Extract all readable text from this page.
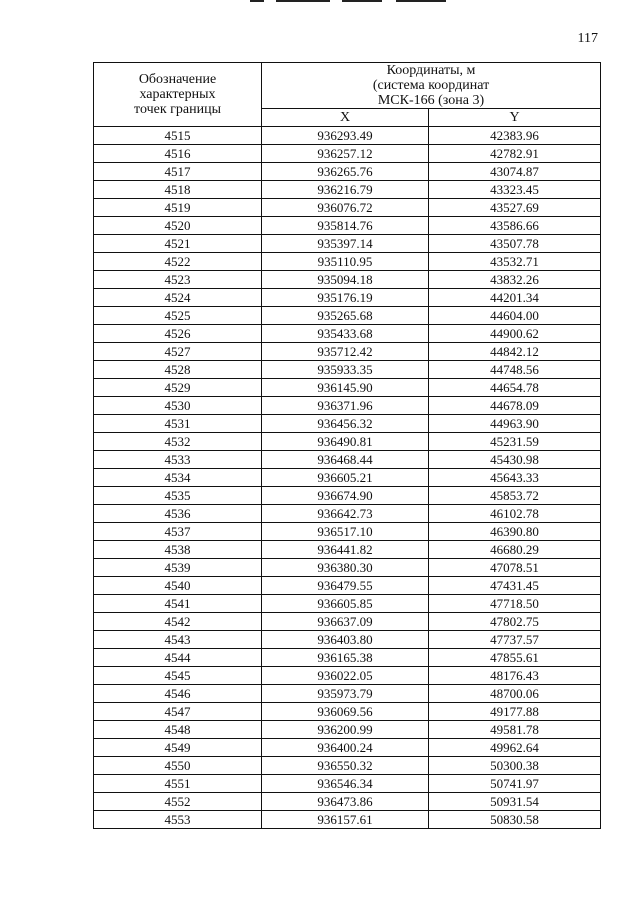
117
Обозначение
характерных
точек границы	Координаты, м
(система координат
МСК-166 (зона 3)	

	X	Y
4515	936293.49	42383.96
4516	936257.12	42782.91
4517	936265.76	43074.87
4518	936216.79	43323.45
4519	936076.72	43527.69
4520	935814.76	43586.66
4521	935397.14	43507.78
4522	935110.95	43532.71
4523	935094.18	43832.26
4524	935176.19	44201.34
4525	935265.68	44604.00
4526	935433.68	44900.62
4527	935712.42	44842.12
4528	935933.35	44748.56
4529	936145.90	44654.78
4530	936371.96	44678.09
4531	936456.32	44963.90
4532	936490.81	45231.59
4533	936468.44	45430.98
4534	936605.21	45643.33
4535	936674.90	45853.72
4536	936642.73	46102.78
4537	936517.10	46390.80
4538	936441.82	46680.29
4539	936380.30	47078.51
4540	936479.55	47431.45
4541	936605.85	47718.50
4542	936637.09	47802.75
4543	936403.80	47737.57
4544	936165.38	47855.61
4545	936022.05	48176.43
4546	935973.79	48700.06
4547	936069.56	49177.88
4548	936200.99	49581.78
4549	936400.24	49962.64
4550	936550.32	50300.38
4551	936546.34	50741.97
4552	936473.86	50931.54
4553	936157.61	50830.58
